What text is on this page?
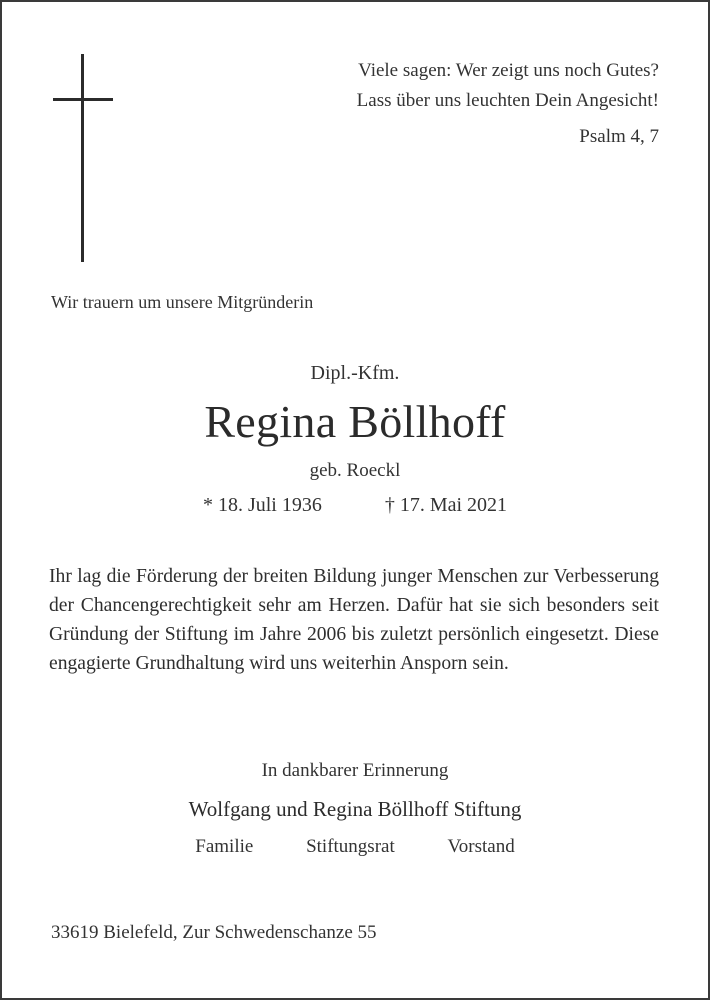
Viele sagen: Wer zeigt uns noch Gutes?
Lass über uns leuchten Dein Angesicht!
Psalm 4, 7
Wir trauern um unsere Mitgründerin
Dipl.-Kfm.
Regina Böllhoff
geb. Roeckl
* 18. Juli 1936	† 17. Mai 2021
Ihr lag die Förderung der breiten Bildung junger Menschen zur Verbesserung der Chancengerechtigkeit sehr am Herzen. Dafür hat sie sich besonders seit Gründung der Stiftung im Jahre 2006 bis zuletzt persönlich eingesetzt. Diese engagierte Grundhaltung wird uns weiterhin Ansporn sein.
In dankbarer Erinnerung
Wolfgang und Regina Böllhoff Stiftung
Familie	Stiftungsrat	Vorstand
33619 Bielefeld, Zur Schwedenschanze 55
